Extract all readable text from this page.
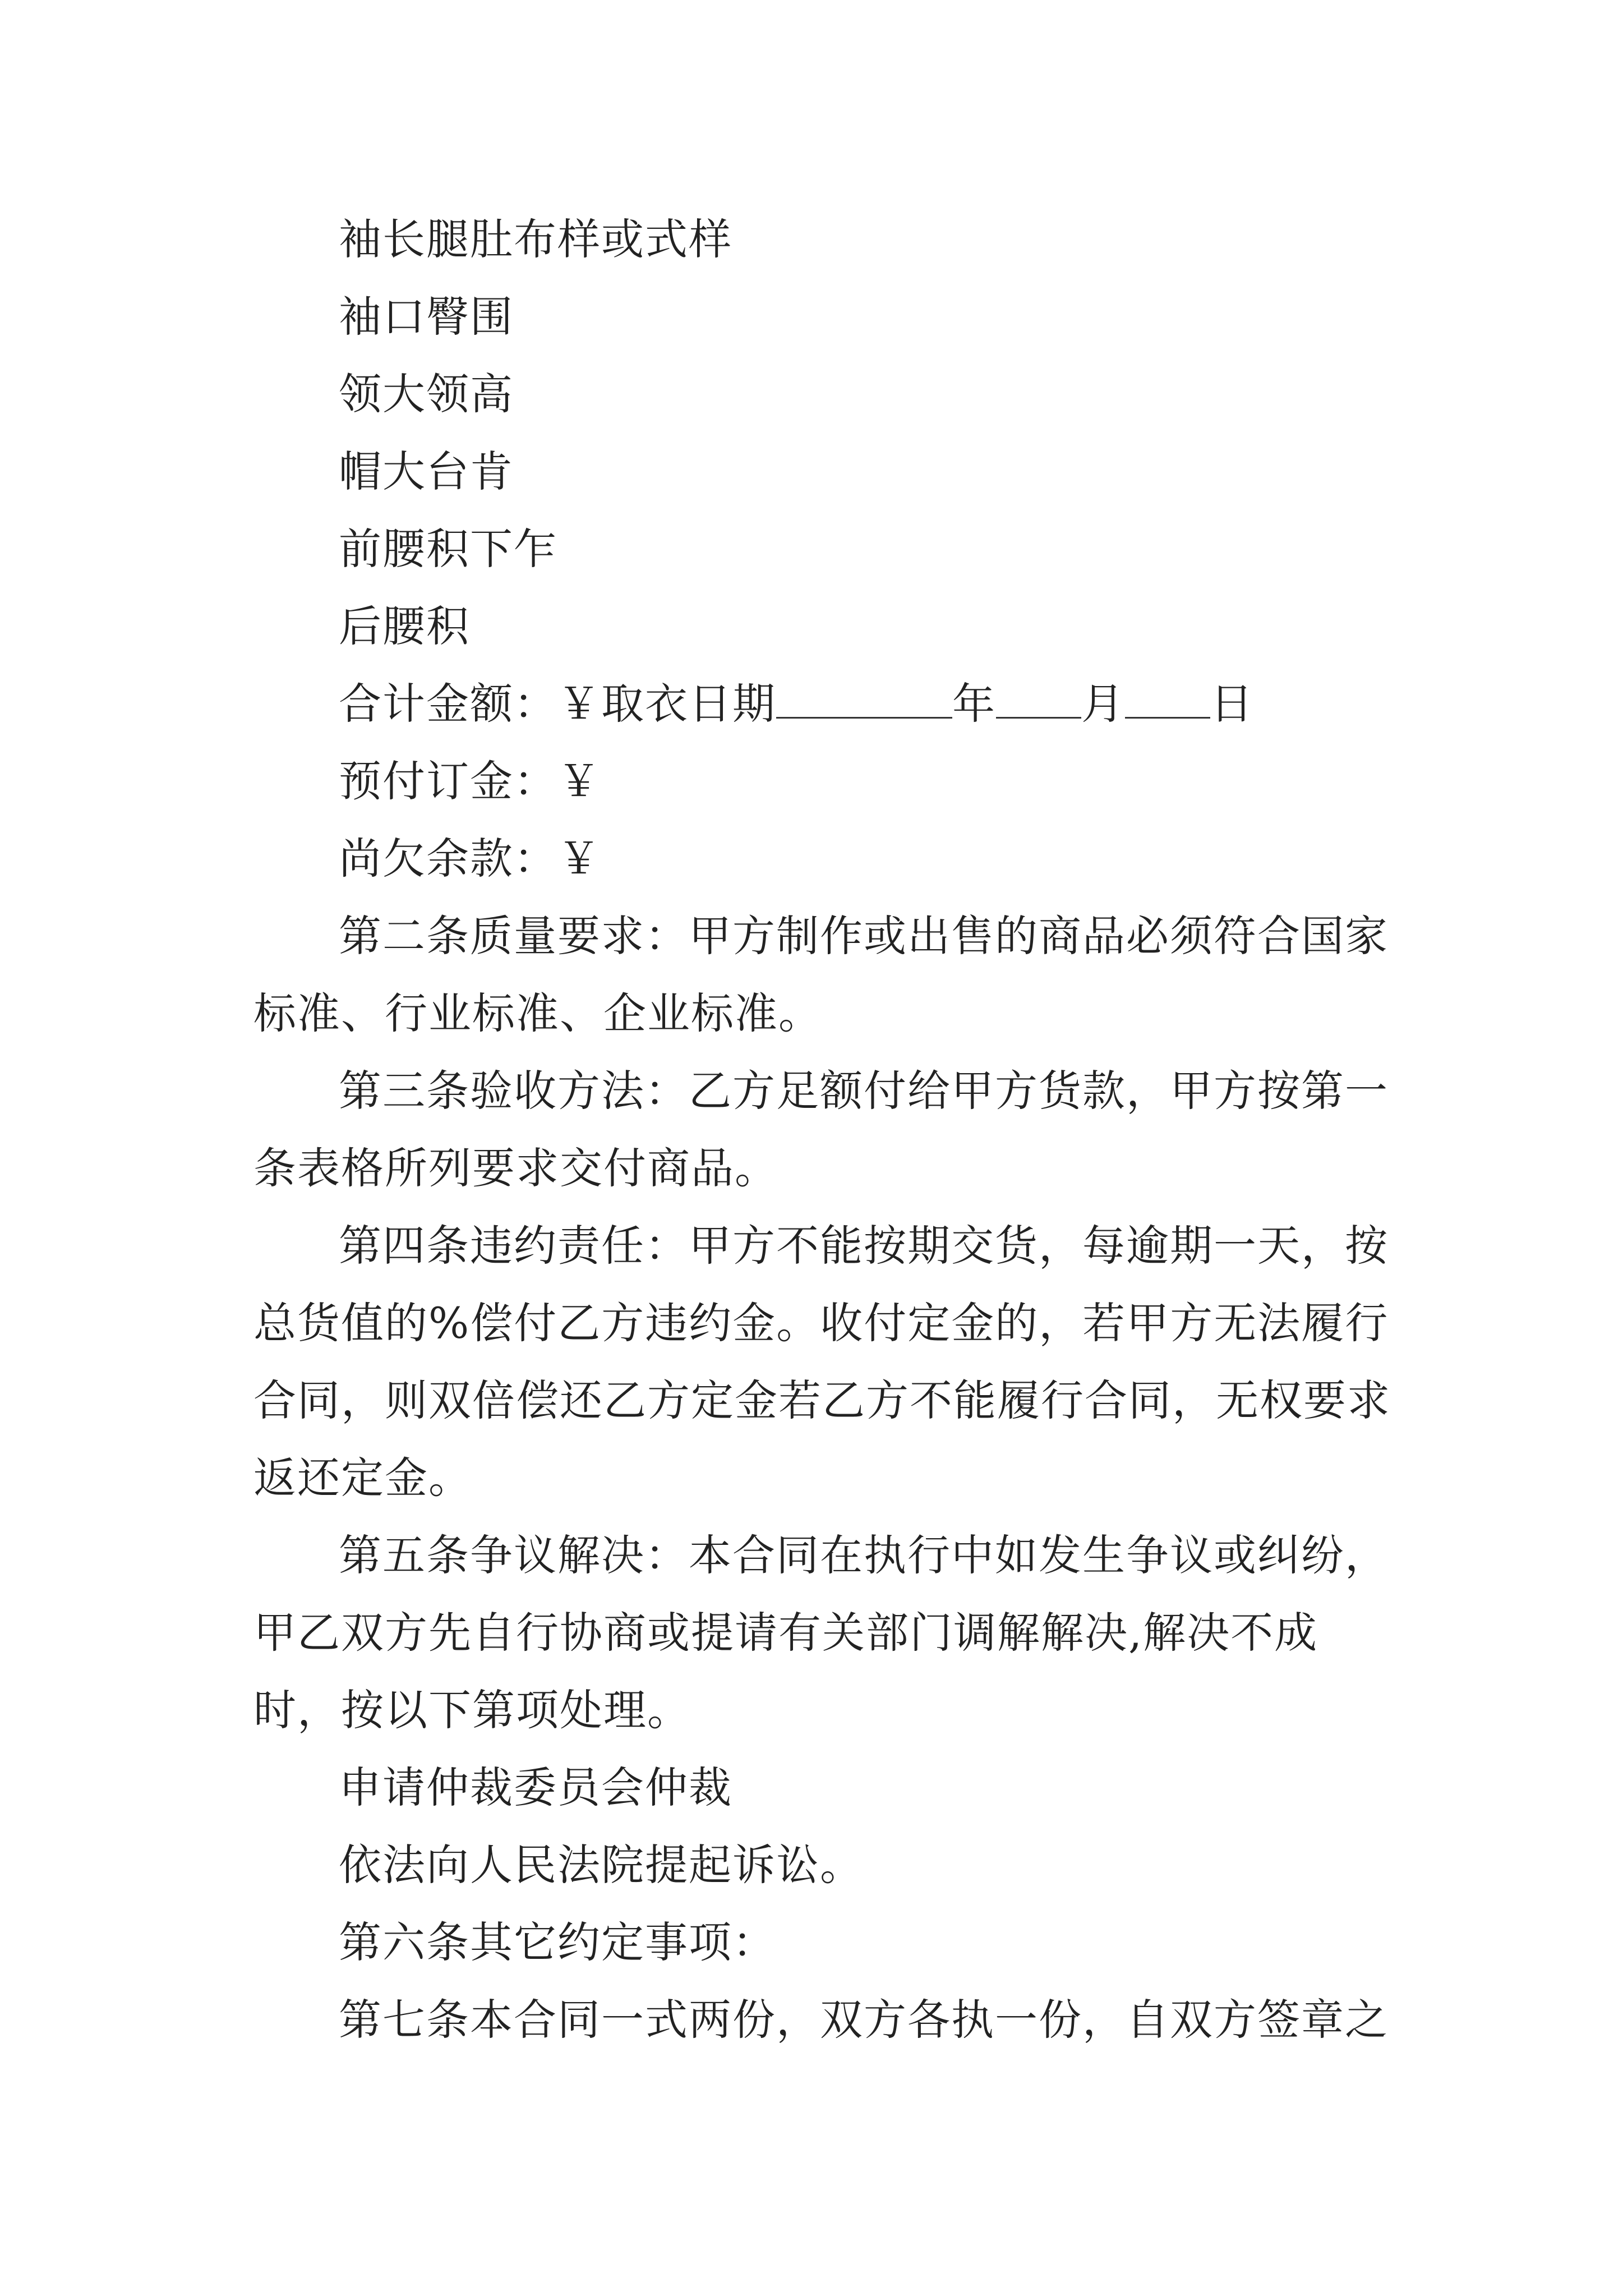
袖长腿肚布样或式样

袖口臀围

领大领高

帽大台肯

前腰积下乍

后腰积

合计金额：￥取衣日期	年 月 日

预付订金：￥

尚欠余款：￥

第二条质量要求：甲方制作或出售的商品必须符合国家标准、行业标准、企业标准。

第三条验收方法：乙方足额付给甲方货款，甲方按第一条表格所列要求交付商品。

第四条违约责任：甲方不能按期交货，每逾期一天，按总货值的%偿付乙方违约金。收付定金的，若甲方无法履行合同，则双倍偿还乙方定金若乙方不能履行合同，无权要求返还定金。

第五条争议解决：本合同在执行中如发生争议或纠纷，甲乙双方先自行协商或提请有关部门调解解决,解决不成时，按以下第项处理。

申请仲裁委员会仲裁

依法向人民法院提起诉讼。

第六条其它约定事项：

第七条本合同一式两份，双方各执一份，自双方签章之
